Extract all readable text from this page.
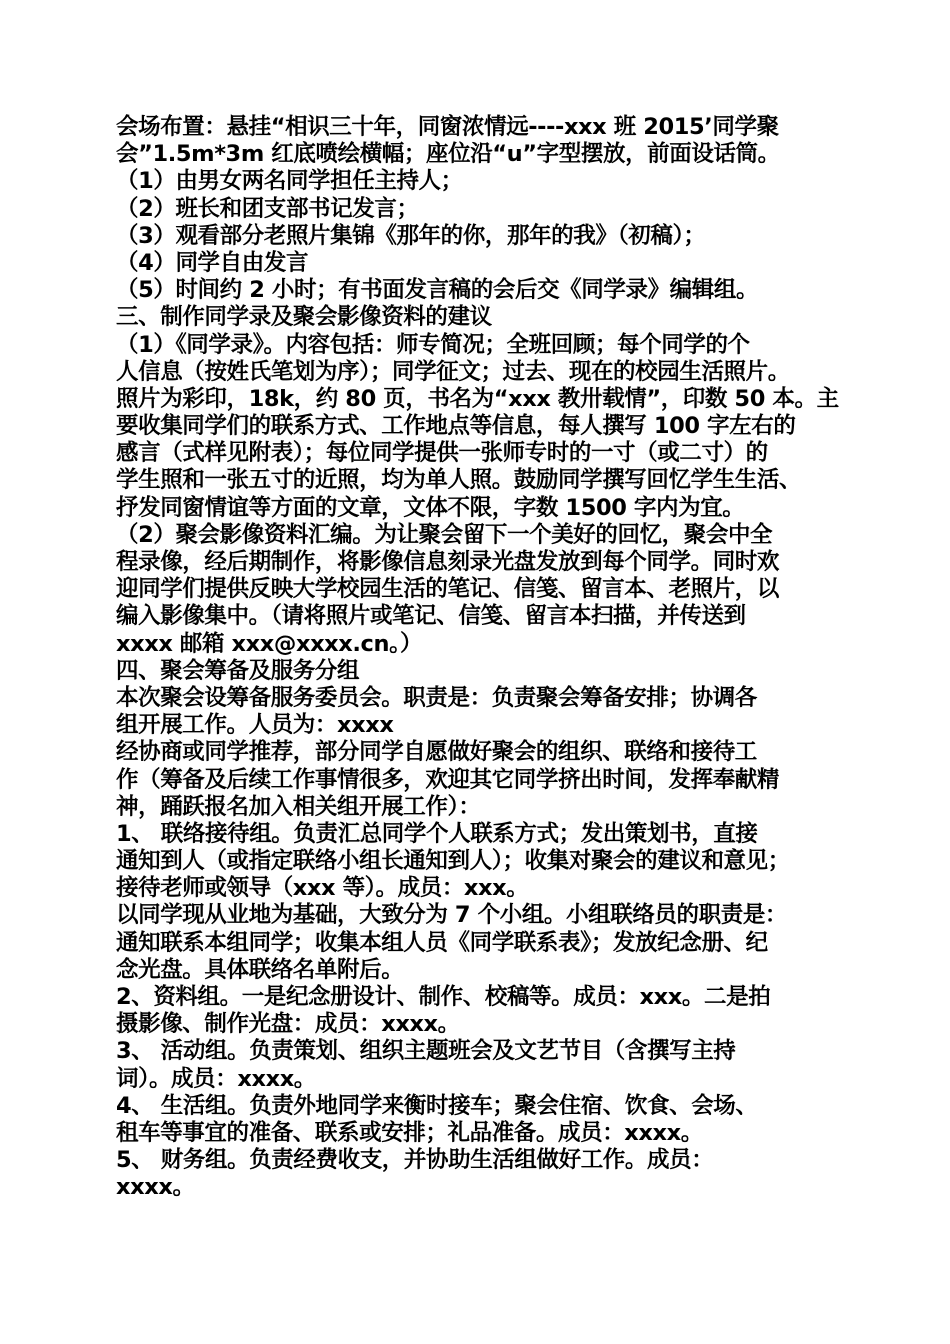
会场布置：悬挂“相识三十年，同窗浓情远----xxx 班 2015’同学聚
会”1.5m*3m 红底喷绘横幅；座位沿“u”字型摆放，前面设话筒。
（1）由男女两名同学担任主持人；
（2）班长和团支部书记发言；
（3）观看部分老照片集锦《那年的你，那年的我》（初稿）；
（4）同学自由发言
（5）时间约 2 小时；有书面发言稿的会后交《同学录》编辑组。
三、制作同学录及聚会影像资料的建议
（1）《同学录》。内容包括：师专简况；全班回顾；每个同学的个
人信息（按姓氏笔划为序）；同学征文；过去、现在的校园生活照片。
照片为彩印，18k，约 80 页，书名为“xxx 教卅载情”，印数 50 本。主
要收集同学们的联系方式、工作地点等信息，每人撰写 100 字左右的
感言（式样见附表）；每位同学提供一张师专时的一寸（或二寸）的
学生照和一张五寸的近照，均为单人照。鼓励同学撰写回忆学生生活、
抒发同窗情谊等方面的文章，文体不限，字数 1500 字内为宜。
（2）聚会影像资料汇编。为让聚会留下一个美好的回忆，聚会中全
程录像，经后期制作，将影像信息刻录光盘发放到每个同学。同时欢
迎同学们提供反映大学校园生活的笔记、信笺、留言本、老照片，以
编入影像集中。（请将照片或笔记、信笺、留言本扫描，并传送到
xxxx 邮箱 xxx@xxxx.cn。）
四、聚会筹备及服务分组
本次聚会设筹备服务委员会。职责是：负责聚会筹备安排；协调各
组开展工作。人员为：xxxx
经协商或同学推荐，部分同学自愿做好聚会的组织、联络和接待工
作（筹备及后续工作事情很多，欢迎其它同学挤出时间，发挥奉献精
神，踊跃报名加入相关组开展工作）：
1、 联络接待组。负责汇总同学个人联系方式；发出策划书，直接
通知到人（或指定联络小组长通知到人）；收集对聚会的建议和意见；
接待老师或领导（xxx 等）。成员：xxx。
以同学现从业地为基础，大致分为 7 个小组。小组联络员的职责是：
通知联系本组同学；收集本组人员《同学联系表》；发放纪念册、纪
念光盘。具体联络名单附后。
2、资料组。一是纪念册设计、制作、校稿等。成员：xxx。二是拍
摄影像、制作光盘：成员：xxxx。
3、 活动组。负责策划、组织主题班会及文艺节目（含撰写主持
词）。成员：xxxx。
4、 生活组。负责外地同学来衡时接车；聚会住宿、饮食、会场、
租车等事宜的准备、联系或安排；礼品准备。成员：xxxx。
5、 财务组。负责经费收支，并协助生活组做好工作。成员：
xxxx。
